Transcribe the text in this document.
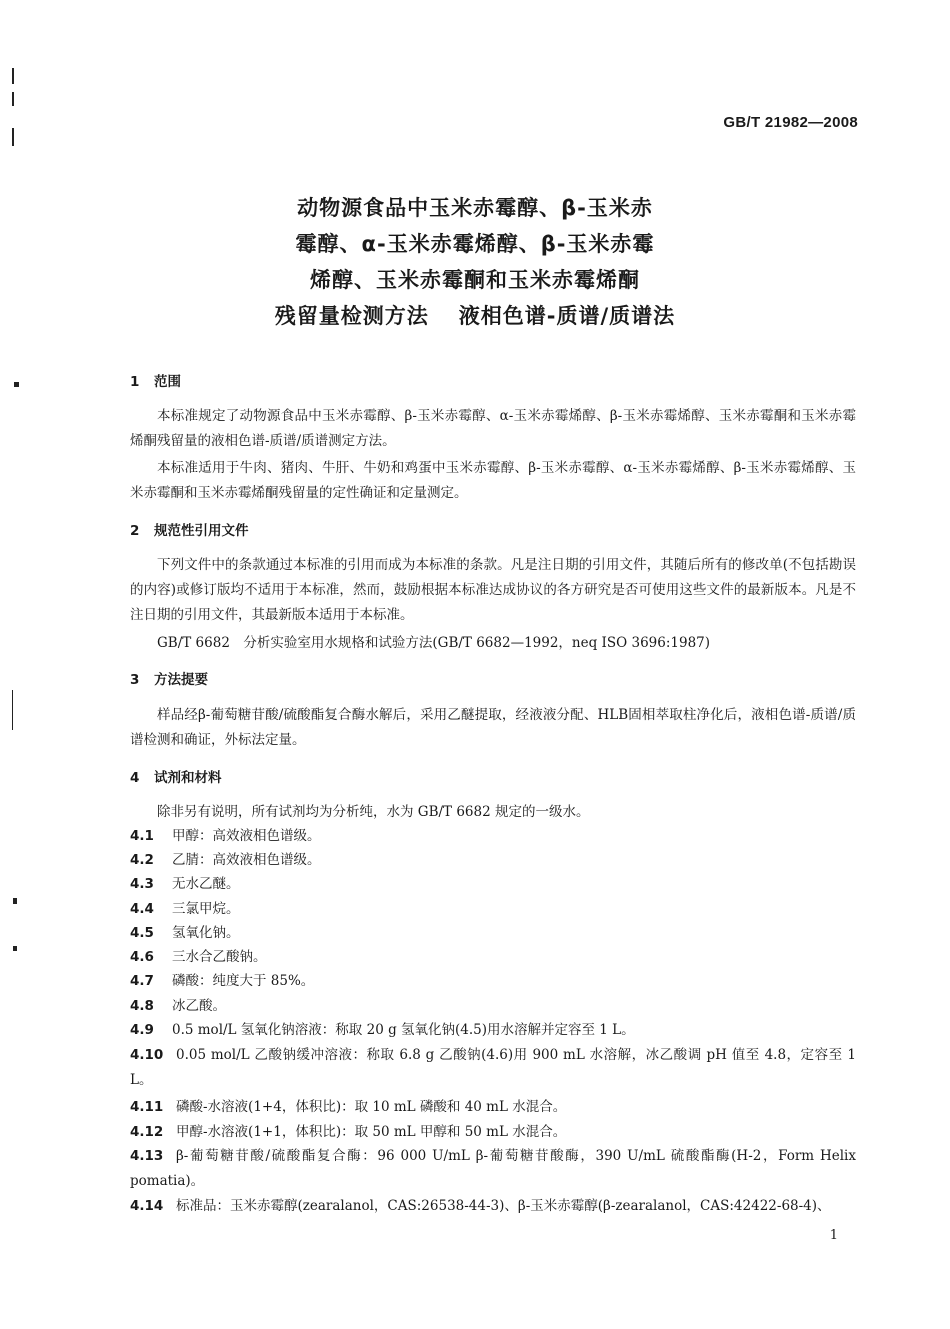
GB/T 21982—2008
动物源食品中玉米赤霉醇、β-玉米赤
霉醇、α-玉米赤霉烯醇、β-玉米赤霉
烯醇、玉米赤霉酮和玉米赤霉烯酮
残留量检测方法 液相色谱-质谱/质谱法
1 范围

本标准规定了动物源食品中玉米赤霉醇、β-玉米赤霉醇、α-玉米赤霉烯醇、β-玉米赤霉烯醇、玉米赤霉酮和玉米赤霉烯酮残留量的液相色谱-质谱/质谱测定方法。

本标准适用于牛肉、猪肉、牛肝、牛奶和鸡蛋中玉米赤霉醇、β-玉米赤霉醇、α-玉米赤霉烯醇、β-玉米赤霉烯醇、玉米赤霉酮和玉米赤霉烯酮残留量的定性确证和定量测定。

2 规范性引用文件

下列文件中的条款通过本标准的引用而成为本标准的条款。凡是注日期的引用文件，其随后所有的修改单(不包括勘误的内容)或修订版均不适用于本标准，然而，鼓励根据本标准达成协议的各方研究是否可使用这些文件的最新版本。凡是不注日期的引用文件，其最新版本适用于本标准。

GB/T 6682　分析实验室用水规格和试验方法(GB/T 6682—1992，neq ISO 3696:1987)
3 方法提要

样品经β-葡萄糖苷酸/硫酸酯复合酶水解后，采用乙醚提取，经液液分配、HLB固相萃取柱净化后，液相色谱-质谱/质谱检测和确证，外标法定量。

4 试剂和材料

除非另有说明，所有试剂均为分析纯，水为 GB/T 6682 规定的一级水。

4.1 甲醇：高效液相色谱级。

4.2 乙腈：高效液相色谱级。

4.3 无水乙醚。

4.4 三氯甲烷。

4.5 氢氧化钠。

4.6 三水合乙酸钠。

4.7 磷酸：纯度大于 85%。

4.8 冰乙酸。

4.9 0.5 mol/L 氢氧化钠溶液：称取 20 g 氢氧化钠(4.5)用水溶解并定容至 1 L。

4.10 0.05 mol/L 乙酸钠缓冲溶液：称取 6.8 g 乙酸钠(4.6)用 900 mL 水溶解，冰乙酸调 pH 值至 4.8，定容至 1 L。

4.11 磷酸-水溶液(1+4，体积比)：取 10 mL 磷酸和 40 mL 水混合。

4.12 甲醇-水溶液(1+1，体积比)：取 50 mL 甲醇和 50 mL 水混合。

4.13 β-葡萄糖苷酸/硫酸酯复合酶：96 000 U/mL β-葡萄糖苷酸酶，390 U/mL 硫酸酯酶(H-2，Form Helix pomatia)。

4.14 标准品：玉米赤霉醇(zearalanol，CAS:26538-44-3)、β-玉米赤霉醇(β-zearalanol，CAS:42422-68-4)、

1
